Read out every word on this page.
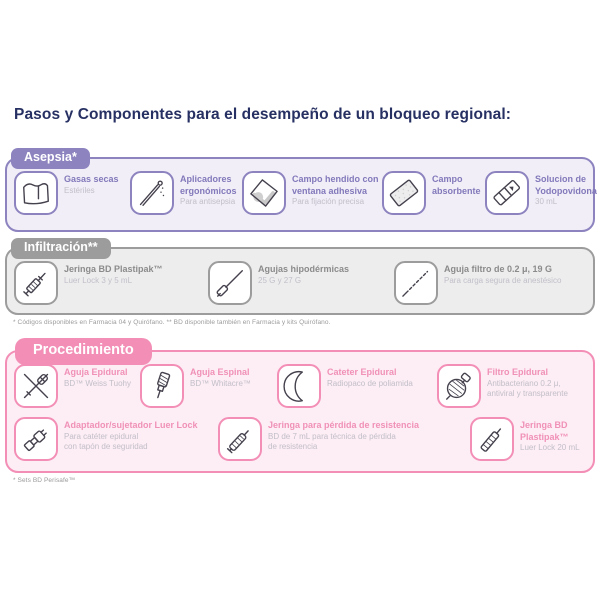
Pasos y Componentes para el desempeño de un bloqueo regional:
Asepsia*
Gasas secas
Estériles
Aplicadores ergonómicos
Para antisepsia
Campo hendido con ventana adhesiva
Para fijación precisa
Campo absorbente
Solucion de Yodopovidona
30 mL
Infiltración**
Jeringa BD Plastipak™
Luer Lock 3 y 5 mL
Agujas hipodérmicas
25 G y 27 G
Aguja filtro de 0.2 μ, 19 G
Para carga segura de anestésico

* Códigos disponibles en Farmacia 04 y Quirófano. ** BD disponible también en Farmacia y kits Quirófano.

Procedimiento
Aguja Epidural
BD™ Weiss Tuohy
Aguja Espinal
BD™ Whitacre™
Cateter Epidural
Radiopaco de poliamida
Filtro Epidural
Antibacteriano 0.2 μ,
antiviral y transparente
Adaptador/sujetador Luer Lock
Para catéter epidural
con tapón de seguridad
Jeringa para pérdida de resistencia
BD de 7 mL para técnica de pérdida
de resistencia
Jeringa BD Plastipak™
Luer Lock 20 mL

* Sets BD Perisafe™
